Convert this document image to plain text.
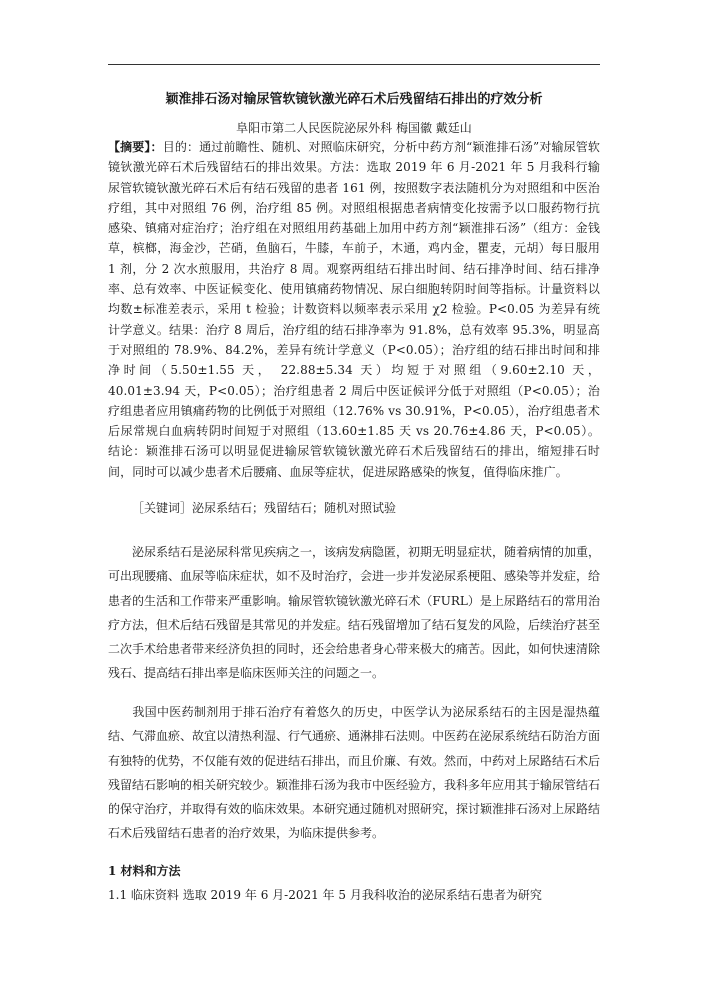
颖淮排石汤对输尿管软镜钬激光碎石术后残留结石排出的疗效分析
阜阳市第二人民医院泌尿外科 梅国徽 戴廷山
【摘要】：目的：通过前瞻性、随机、对照临床研究，分析中药方剂“颖淮排石汤”对输尿管软镜钬激光碎石术后残留结石的排出效果。方法：选取 2019 年 6 月-2021 年 5 月我科行输尿管软镜钬激光碎石术后有结石残留的患者 161 例，按照数字表法随机分为对照组和中医治疗组，其中对照组 76 例，治疗组 85 例。对照组根据患者病情变化按需予以口服药物行抗感染、镇痛对症治疗；治疗组在对照组用药基础上加用中药方剂“颖淮排石汤”（组方：金钱草，槟榔，海金沙，芒硝，鱼脑石，牛膝，车前子，木通，鸡内金，瞿麦，元胡）每日服用 1 剂，分 2 次水煎服用，共治疗 8 周。观察两组结石排出时间、结石排净时间、结石排净率、总有效率、中医证候变化、使用镇痛药物情况、尿白细胞转阴时间等指标。计量资料以均数±标准差表示，采用 t 检验；计数资料以频率表示采用 χ2 检验。P<0.05 为差异有统计学意义。结果：治疗 8 周后，治疗组的结石排净率为 91.8%，总有效率 95.3%，明显高于对照组的 78.9%、84.2%，差异有统计学意义（P<0.05）；治疗组的结石排出时间和排净时间（5.50±1.55 天， 22.88±5.34 天）均短于对照组（9.60±2.10 天，40.01±3.94 天，P<0.05）；治疗组患者 2 周后中医证候评分低于对照组（P<0.05）；治疗组患者应用镇痛药物的比例低于对照组（12.76% vs 30.91%，P<0.05），治疗组患者术后尿常规白血病转阴时间短于对照组（13.60±1.85 天 vs 20.76±4.86 天，P<0.05）。 结论：颖淮排石汤可以明显促进输尿管软镜钬激光碎石术后残留结石的排出，缩短排石时间，同时可以减少患者术后腰痛、血尿等症状，促进尿路感染的恢复，值得临床推广。
［关键词］泌尿系结石；残留结石；随机对照试验
泌尿系结石是泌尿科常见疾病之一，该病发病隐匿，初期无明显症状，随着病情的加重，可出现腰痛、血尿等临床症状，如不及时治疗，会进一步并发泌尿系梗阻、感染等并发症，给患者的生活和工作带来严重影响。输尿管软镜钬激光碎石术（FURL）是上尿路结石的常用治疗方法，但术后结石残留是其常见的并发症。结石残留增加了结石复发的风险，后续治疗甚至二次手术给患者带来经济负担的同时，还会给患者身心带来极大的痛苦。因此，如何快速清除残石、提高结石排出率是临床医师关注的问题之一。
我国中医药制剂用于排石治疗有着悠久的历史，中医学认为泌尿系结石的主因是湿热蕴结、气滞血瘀、故宜以清热利湿、行气通瘀、通淋排石法则。中医药在泌尿系统结石防治方面有独特的优势，不仅能有效的促进结石排出，而且价廉、有效。然而，中药对上尿路结石术后残留结石影响的相关研究较少。颖淮排石汤为我市中医经验方，我科多年应用其于输尿管结石的保守治疗，并取得有效的临床效果。本研究通过随机对照研究，探讨颖淮排石汤对上尿路结石术后残留结石患者的治疗效果，为临床提供参考。
1 材料和方法
1.1 临床资料 选取 2019 年 6 月-2021 年 5 月我科收治的泌尿系结石患者为研究
